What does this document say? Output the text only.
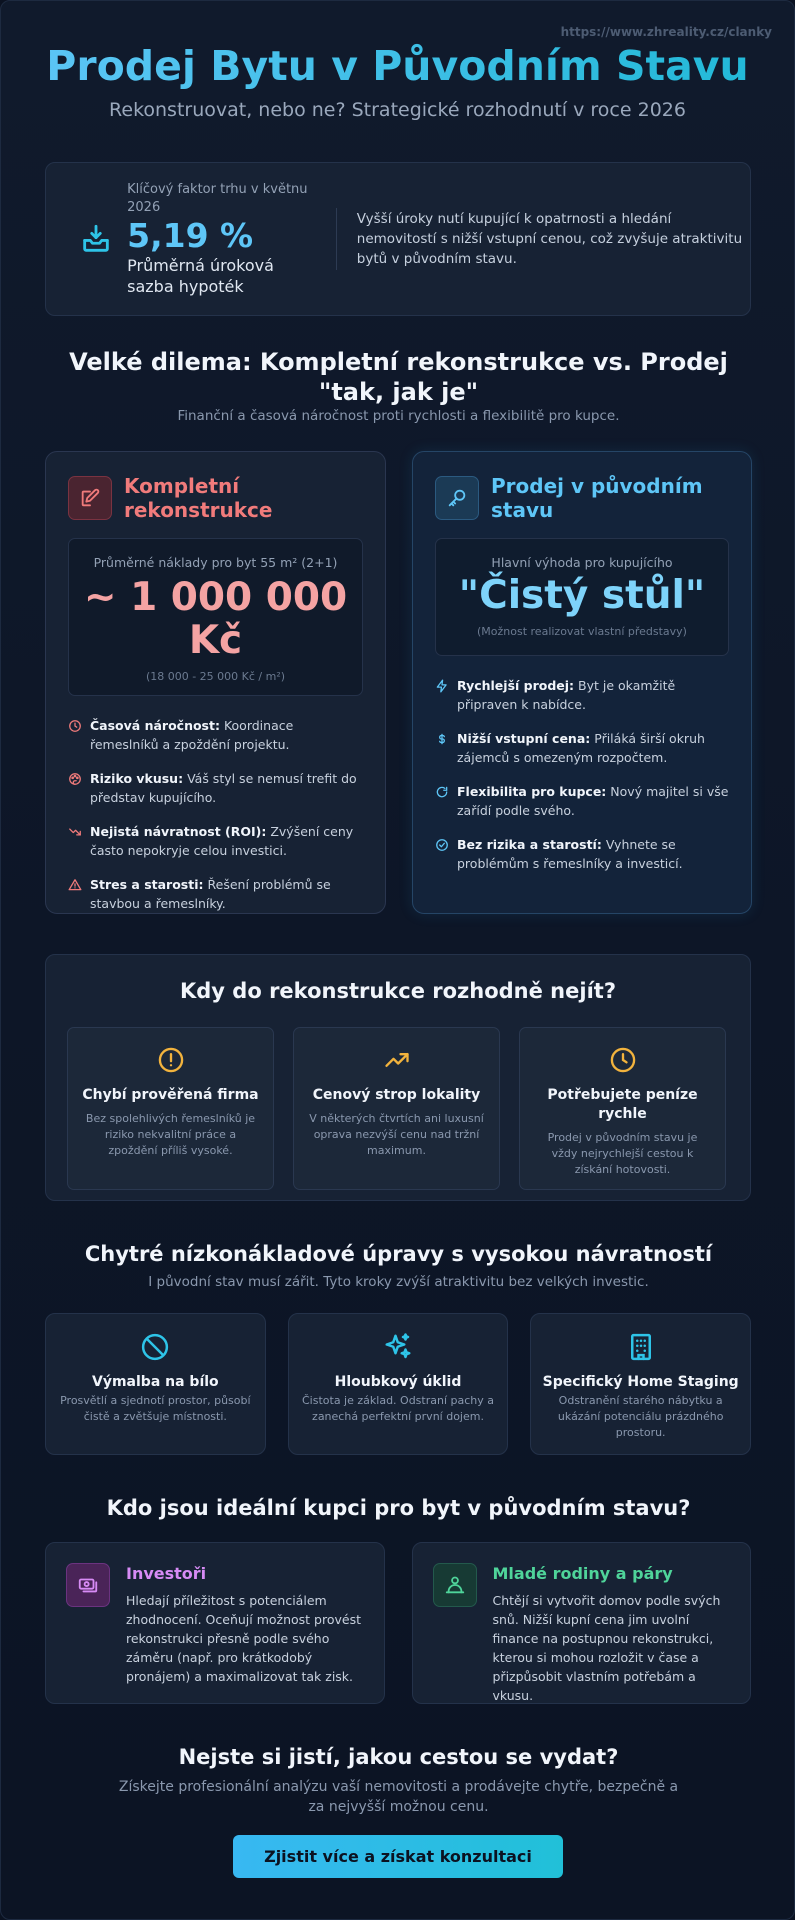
https://www.zhreality.cz/clanky
Prodej Bytu v Původním Stavu
Rekonstruovat, nebo ne? Strategické rozhodnutí v roce 2026
Klíčový faktor trhu v květnu 2026
5,19 %
Průměrná úroková sazba hypoték
Vyšší úroky nutí kupující k opatrnosti a hledání nemovitostí s nižší vstupní cenou, což zvyšuje atraktivitu bytů v původním stavu.
Velké dilema: Kompletní rekonstrukce vs. Prodej "tak, jak je"
Finanční a časová náročnost proti rychlosti a flexibilitě pro kupce.
Kompletní rekonstrukce
Průměrné náklady pro byt 55 m² (2+1)
~ 1 000 000 Kč
(18 000 - 25 000 Kč / m²)
Časová náročnost: Koordinace řemeslníků a zpoždění projektu.
Riziko vkusu: Váš styl se nemusí trefit do představ kupujícího.
Nejistá návratnost (ROI): Zvýšení ceny často nepokryje celou investici.
Stres a starosti: Řešení problémů se stavbou a řemeslníky.
Prodej v původním stavu
Hlavní výhoda pro kupujícího
"Čistý stůl"
(Možnost realizovat vlastní představy)
Rychlejší prodej: Byt je okamžitě připraven k nabídce.
Nižší vstupní cena: Přiláká širší okruh zájemců s omezeným rozpočtem.
Flexibilita pro kupce: Nový majitel si vše zařídí podle svého.
Bez rizika a starostí: Vyhnete se problémům s řemeslníky a investicí.
Kdy do rekonstrukce rozhodně nejít?
Chybí prověřená firma
Bez spolehlivých řemeslníků je riziko nekvalitní práce a zpoždění příliš vysoké.
Cenový strop lokality
V některých čtvrtích ani luxusní oprava nezvýší cenu nad tržní maximum.
Potřebujete peníze rychle
Prodej v původním stavu je vždy nejrychlejší cestou k získání hotovosti.
Chytré nízkonákladové úpravy s vysokou návratností
I původní stav musí zářit. Tyto kroky zvýší atraktivitu bez velkých investic.
Výmalba na bílo
Prosvětlí a sjednotí prostor, působí čistě a zvětšuje místnosti.
Hloubkový úklid
Čistota je základ. Odstraní pachy a zanechá perfektní první dojem.
Specifický Home Staging
Odstranění starého nábytku a ukázání potenciálu prázdného prostoru.
Kdo jsou ideální kupci pro byt v původním stavu?
Investoři
Hledají příležitost s potenciálem zhodnocení. Oceňují možnost provést rekonstrukci přesně podle svého záměru (např. pro krátkodobý pronájem) a maximalizovat tak zisk.
Mladé rodiny a páry
Chtějí si vytvořit domov podle svých snů. Nižší kupní cena jim uvolní finance na postupnou rekonstrukci, kterou si mohou rozložit v čase a přizpůsobit vlastním potřebám a vkusu.
Nejste si jistí, jakou cestou se vydat?
Získejte profesionální analýzu vaší nemovitosti a prodávejte chytře, bezpečně a za nejvyšší možnou cenu.
Zjistit více a získat konzultaci
